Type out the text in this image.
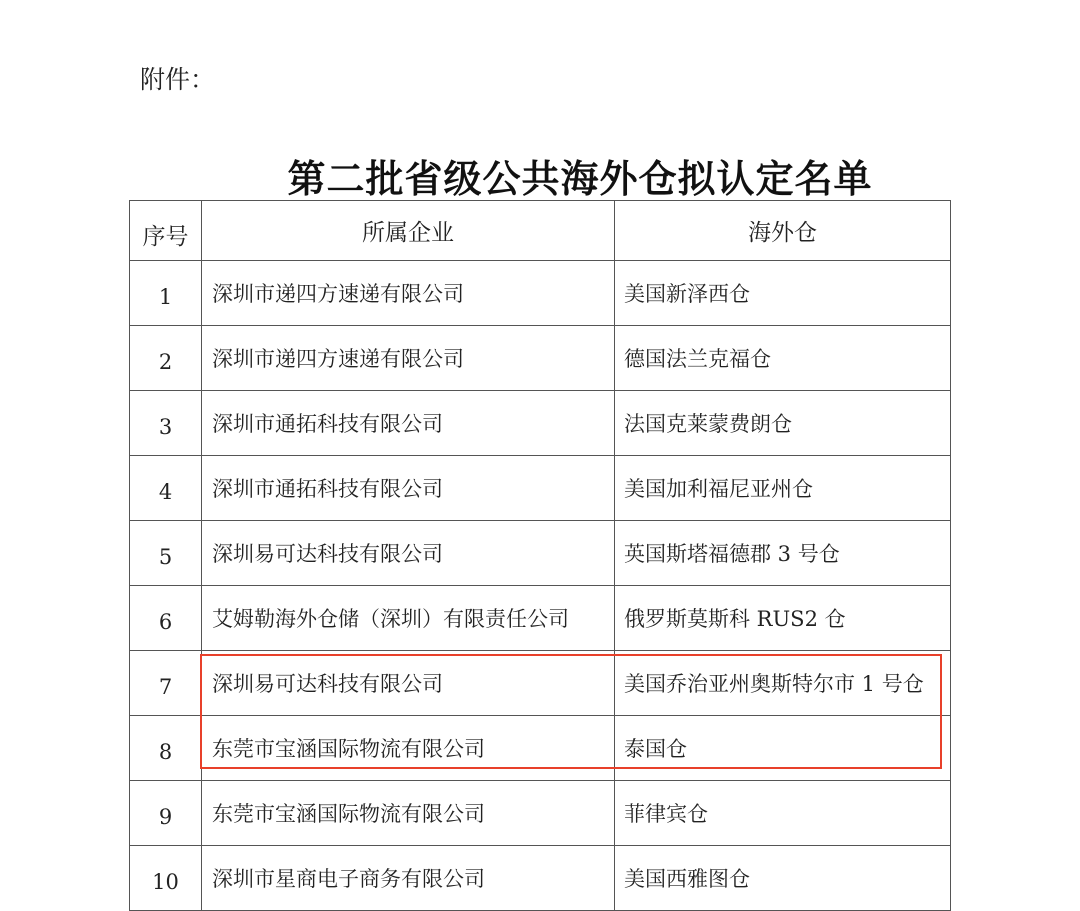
附件：
第二批省级公共海外仓拟认定名单
序号	所属企业	海外仓
1	深圳市递四方速递有限公司	美国新泽西仓
2	深圳市递四方速递有限公司	德国法兰克福仓
3	深圳市通拓科技有限公司	法国克莱蒙费朗仓
4	深圳市通拓科技有限公司	美国加利福尼亚州仓
5	深圳易可达科技有限公司	英国斯塔福德郡 3 号仓
6	艾姆勒海外仓储（深圳）有限责任公司	俄罗斯莫斯科 RUS2 仓
7	深圳易可达科技有限公司	美国乔治亚州奥斯特尔市 1 号仓
8	东莞市宝涵国际物流有限公司	泰国仓
9	东莞市宝涵国际物流有限公司	菲律宾仓
10	深圳市星商电子商务有限公司	美国西雅图仓
